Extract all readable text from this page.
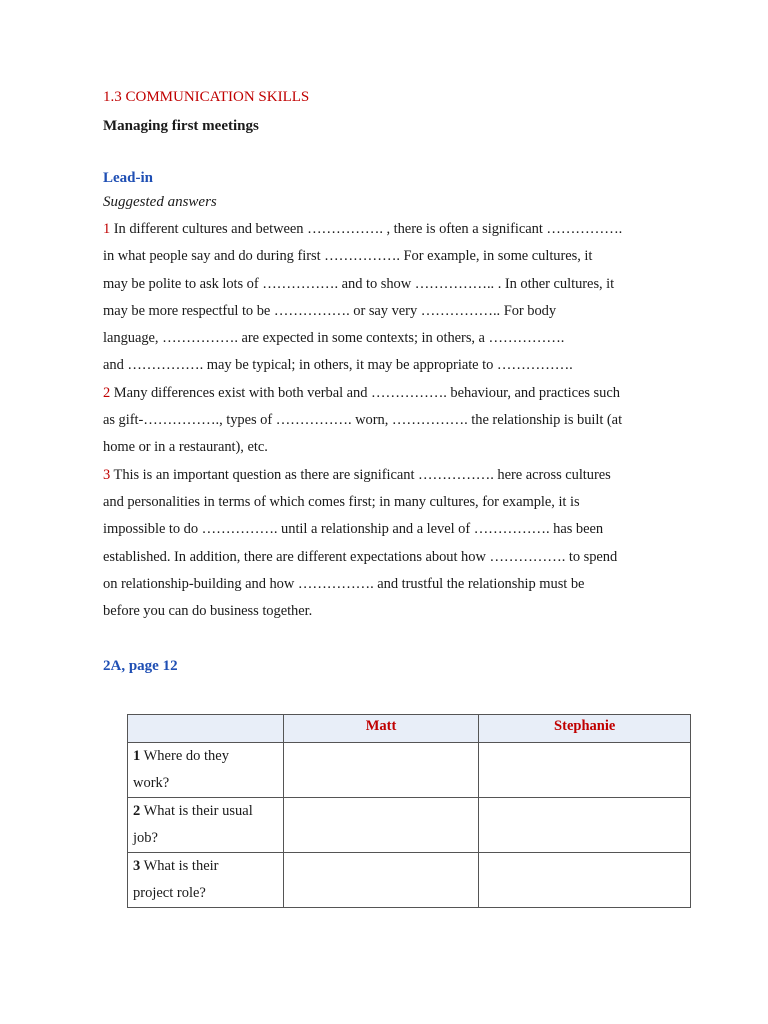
1.3 COMMUNICATION SKILLS

Managing first meetings

Lead-in

Suggested answers

1 In different cultures and between ……………. , there is often a significant …………….
in what people say and do during first ……………. For example, in some cultures, it
may be polite to ask lots of ……………. and to show …………….. . In other cultures, it
may be more respectful to be ……………. or say very …………….. For body
language, ……………. are expected in some contexts; in others, a …………….
and ……………. may be typical; in others, it may be appropriate to …………….
2 Many differences exist with both verbal and ……………. behaviour, and practices such
as gift-……………., types of ……………. worn, ……………. the relationship is built (at
home or in a restaurant), etc.
3 This is an important question as there are significant ……………. here across cultures
and personalities in terms of which comes first; in many cultures, for example, it is
impossible to do ……………. until a relationship and a level of ……………. has been
established. In addition, there are different expectations about how ……………. to spend
on relationship-building and how ……………. and trustful the relationship must be
before you can do business together.

2A, page 12

	Matt	Stephanie
1 Where do they
work?		
2 What is their usual
job?		
3 What is their
project role?		
